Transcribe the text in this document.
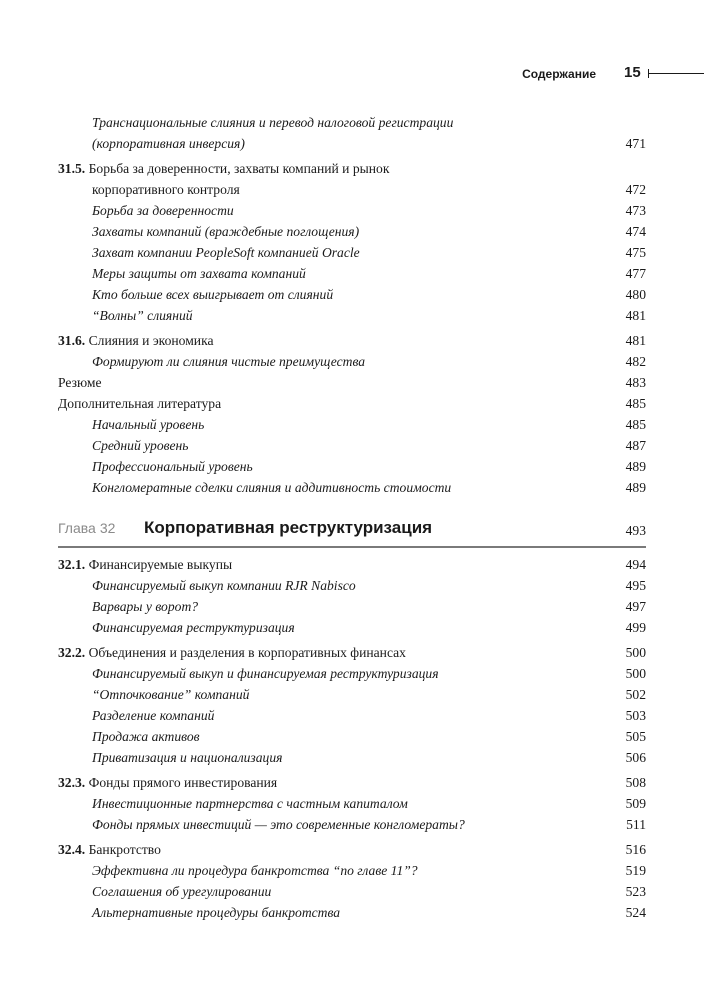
Содержание 15
Транснациональные слияния и перевод налоговой регистрации
(корпоративная инверсия)	471
31.5. Борьба за доверенности, захваты компаний и рынок
корпоративного контроля	472
Борьба за доверенности	473
Захваты компаний (враждебные поглощения)	474
Захват компании PeopleSoft компанией Oracle	475
Меры защиты от захвата компаний	477
Кто больше всех выигрывает от слияний	480
“Волны” слияний	481
31.6. Слияния и экономика	481
Формируют ли слияния чистые преимущества	482
Резюме	483
Дополнительная литература	485
Начальный уровень	485
Средний уровень	487
Профессиональный уровень	489
Конгломератные сделки слияния и аддитивность стоимости	489
Глава 32 Корпоративная реструктуризация	493
32.1. Финансируемые выкупы	494
Финансируемый выкуп компании RJR Nabisco	495
Варвары у ворот?	497
Финансируемая реструктуризация	499
32.2. Объединения и разделения в корпоративных финансах	500
Финансируемый выкуп и финансируемая реструктуризация	500
“Отпочкование” компаний	502
Разделение компаний	503
Продажа активов	505
Приватизация и национализация	506
32.3. Фонды прямого инвестирования	508
Инвестиционные партнерства с частным капиталом	509
Фонды прямых инвестиций — это современные конгломераты?	511
32.4. Банкротство	516
Эффективна ли процедура банкротства “по главе 11”?	519
Соглашения об урегулировании	523
Альтернативные процедуры банкротства	524
